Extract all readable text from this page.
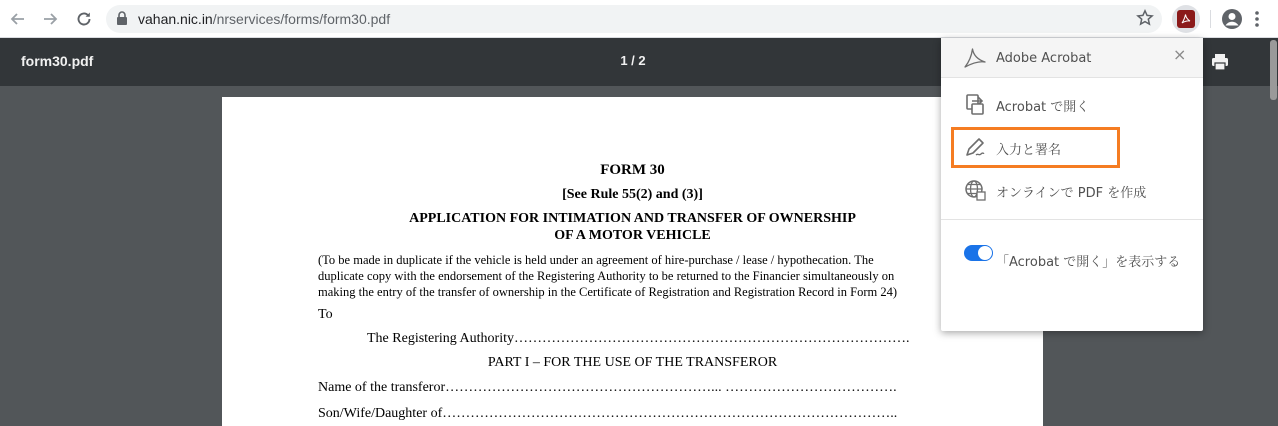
vahan.nic.in/nrservices/forms/form30.pdf
form30.pdf	1 / 2
FORM 30
[See Rule 55(2) and (3)]
APPLICATION FOR INTIMATION AND TRANSFER OF OWNERSHIP
OF A MOTOR VEHICLE
(To be made in duplicate if the vehicle is held under an agreement of hire-purchase / lease / hypothecation. The
duplicate copy with the endorsement of the Registering Authority to be returned to the Financier simultaneously on
making the entry of the transfer of ownership in the Certificate of Registration and Registration Record in Form 24)
To
The Registering Authority………………………………………………………………………….
PART I – FOR THE USE OF THE TRANSFEROR
Name of the transferor…………………………………………………... ……………………………….
Son/Wife/Daughter of……………………………………………………………………………………..
Adobe Acrobat	×
Acrobat で開く
入力と署名
オンラインで PDF を作成
「Acrobat で開く」を表示する
